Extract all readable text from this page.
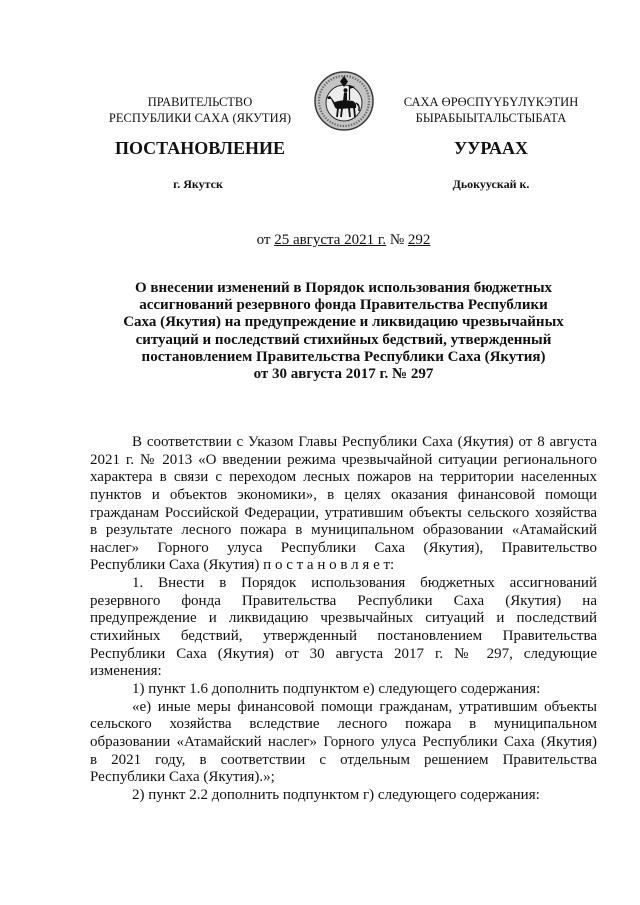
ПРАВИТЕЛЬСТВО
РЕСПУБЛИКИ САХА (ЯКУТИЯ)
САХА ӨРӨСПҮҮБҮЛҮКЭТИН
БЫРАБЫЫТАЛЬСТЫБАТА
ПОСТАНОВЛЕНИЕ	УУРААХ
г. Якутск	Дьокуускай к.
от 25 августа 2021 г. № 292
О внесении изменений в Порядок использования бюджетных
ассигнований резервного фонда Правительства Республики
Саха (Якутия) на предупреждение и ликвидацию чрезвычайных
ситуаций и последствий стихийных бедствий, утвержденный
постановлением Правительства Республики Саха (Якутия)
от 30 августа 2017 г. № 297
В соответствии с Указом Главы Республики Саха (Якутия) от 8 августа
2021 г. № 2013 «О введении режима чрезвычайной ситуации регионального
характера в связи с переходом лесных пожаров на территории населенных
пунктов и объектов экономики», в целях оказания финансовой помощи
гражданам Российской Федерации, утратившим объекты сельского хозяйства
в результате лесного пожара в муниципальном образовании «Атамайский
наслег» Горного улуса Республики Саха (Якутия), Правительство
Республики Саха (Якутия) п о с т а н о в л я е т:
1. Внести в Порядок использования бюджетных ассигнований
резервного фонда Правительства Республики Саха (Якутия) на
предупреждение и ликвидацию чрезвычайных ситуаций и последствий
стихийных бедствий, утвержденный постановлением Правительства
Республики Саха (Якутия) от 30 августа 2017 г. № 297, следующие
изменения:
1) пункт 1.6 дополнить подпунктом е) следующего содержания:
«е) иные меры финансовой помощи гражданам, утратившим объекты
сельского хозяйства вследствие лесного пожара в муниципальном
образовании «Атамайский наслег» Горного улуса Республики Саха (Якутия)
в 2021 году, в соответствии с отдельным решением Правительства
Республики Саха (Якутия).»;
2) пункт 2.2 дополнить подпунктом г) следующего содержания:
